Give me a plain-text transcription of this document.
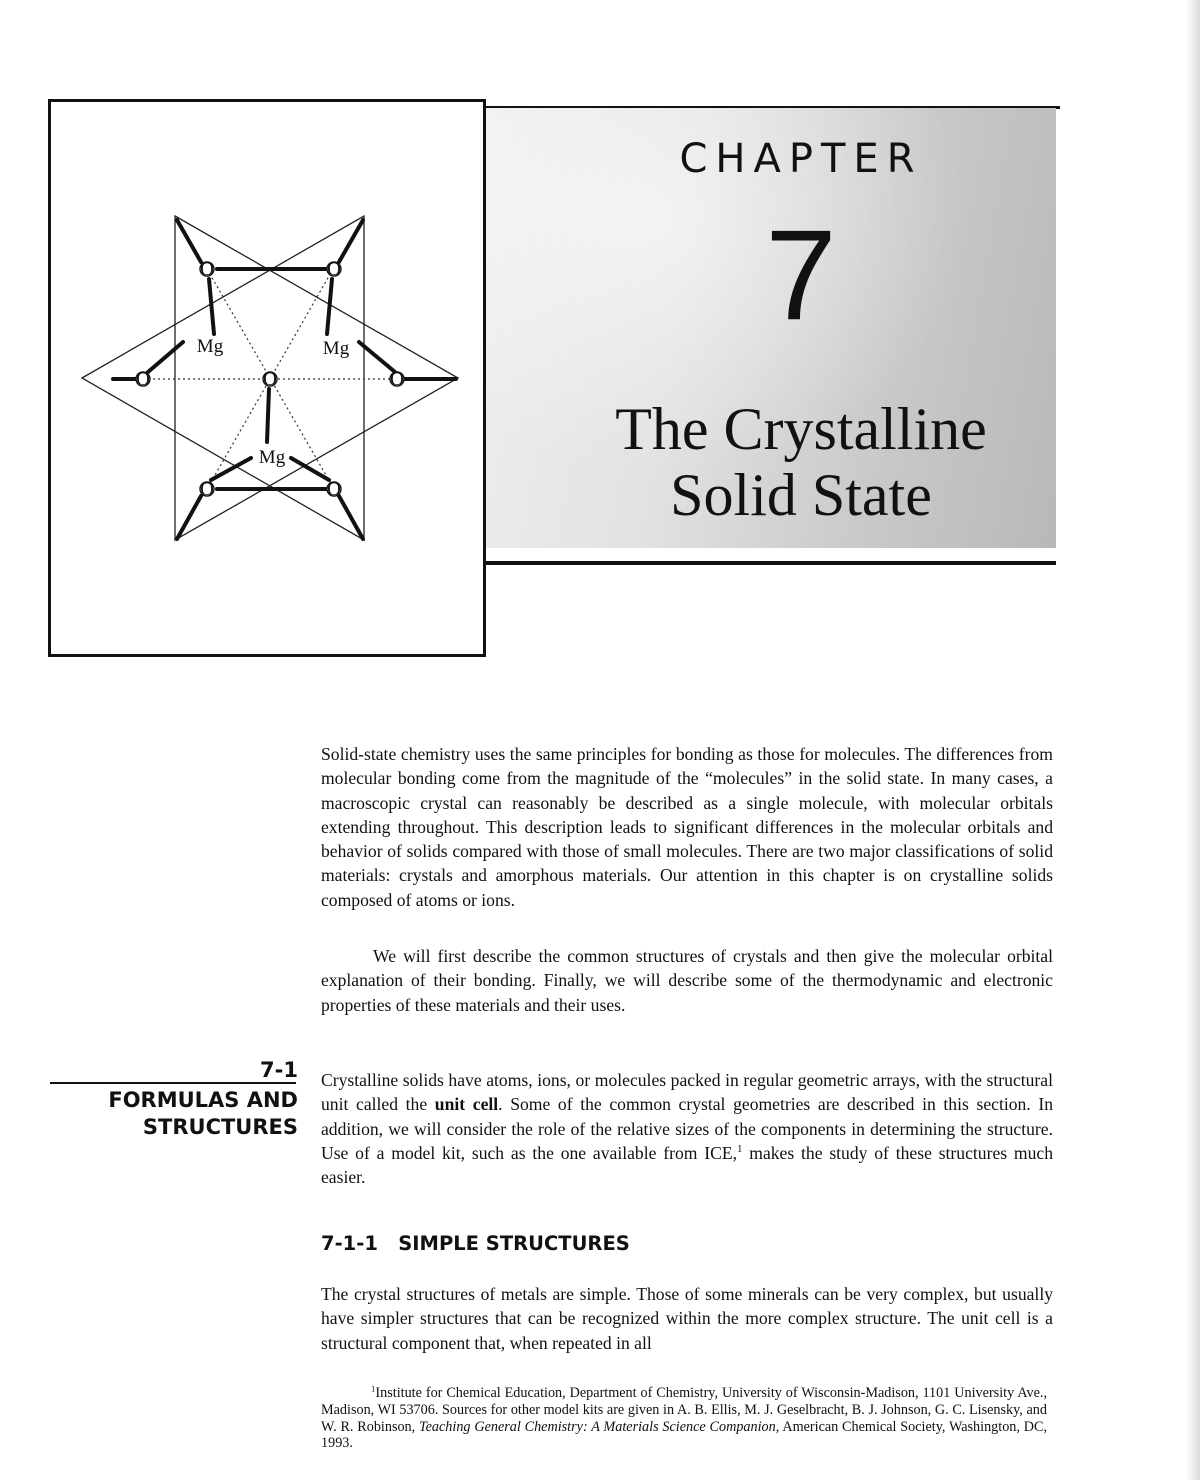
O	O
O	O	O
O	O
Mg	Mg
Mg
CHAPTER
7
The Crystalline
Solid State

Solid-state chemistry uses the same principles for bonding as those for molecules. The differences from molecular bonding come from the magnitude of the “molecules” in the solid state. In many cases, a macroscopic crystal can reasonably be described as a single molecule, with molecular orbitals extending throughout. This description leads to significant differences in the molecular orbitals and behavior of solids compared with those of small molecules. There are two major classifications of solid materials: crystals and amorphous materials. Our attention in this chapter is on crystalline solids composed of atoms or ions.

We will first describe the common structures of crystals and then give the molecular orbital explanation of their bonding. Finally, we will describe some of the thermodynamic and electronic properties of these materials and their uses.

7-1
FORMULAS AND
STRUCTURES

Crystalline solids have atoms, ions, or molecules packed in regular geometric arrays, with the structural unit called the unit cell. Some of the common crystal geometries are described in this section. In addition, we will consider the role of the relative sizes of the components in determining the structure. Use of a model kit, such as the one available from ICE,$^1$ makes the study of these structures much easier.

7-1-1   SIMPLE STRUCTURES

The crystal structures of metals are simple. Those of some minerals can be very complex, but usually have simpler structures that can be recognized within the more complex structure. The unit cell is a structural component that, when repeated in all

$^1$Institute for Chemical Education, Department of Chemistry, University of Wisconsin-Madison, 1101 University Ave., Madison, WI 53706. Sources for other model kits are given in A. B. Ellis, M. J. Geselbracht, B. J. Johnson, G. C. Lisensky, and W. R. Robinson, Teaching General Chemistry: A Materials Science Companion, American Chemical Society, Washington, DC, 1993.
